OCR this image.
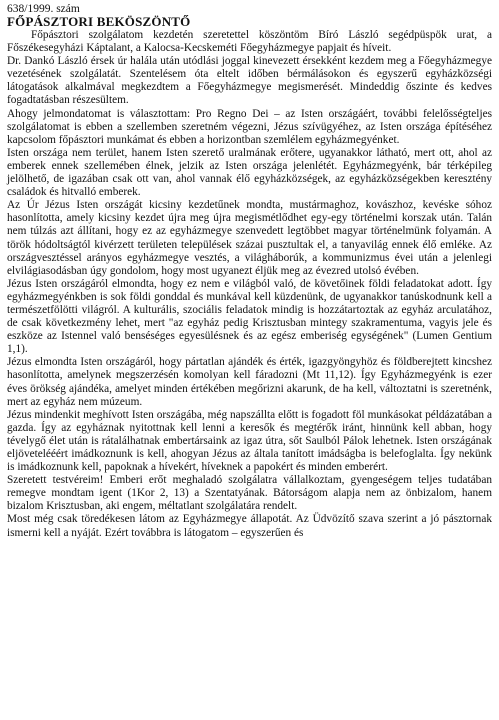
638/1999. szám

FŐPÁSZTORI BEKÖSZÖNTŐ

Főpásztori szolgálatom kezdetén szeretettel köszöntöm Bíró László segédpüspök urat, a Főszékesegyházi Káptalant, a Kalocsa-Kecskeméti Főegyházmegye papjait és híveit.

Dr. Dankó László érsek úr halála után utódlási joggal kinevezett érsekként kezdem meg a Főegyházmegye vezetésének szolgálatát. Szentelésem óta eltelt időben bérmálásokon és egyszerű egyházközségi látogatások alkalmával megkezdtem a Főegyházmegye megismerését. Mindeddig őszinte és kedves fogadtatásban részesültem.

Ahogy jelmondatomat is választottam: Pro Regno Dei – az Isten országáért, további felelősségteljes szolgálatomat is ebben a szellemben szeretném végezni, Jézus szívügyéhez, az Isten országa építéséhez kapcsolom főpásztori munkámat és ebben a horizontban szemlélem egyházmegyénket.

Isten országa nem terület, hanem Isten szerető uralmának erőtere, ugyanakkor látható, mert ott, ahol az emberek ennek szellemében élnek, jelzik az Isten országa jelenlétét. Egyházmegyénk, bár térképileg jelölhető, de igazában csak ott van, ahol vannak élő egyházközségek, az egyházközségekben keresztény családok és hitvalló emberek.

Az Úr Jézus Isten országát kicsiny kezdetűnek mondta, mustármaghoz, kovászhoz, kevéske sóhoz hasonlította, amely kicsiny kezdet újra meg újra megismétlődhet egy-egy történelmi korszak után. Talán nem túlzás azt állítani, hogy ez az egyházmegye szenvedett legtöbbet magyar történelmünk folyamán. A török hódoltságtól kivérzett területen települések százai pusztultak el, a tanyavilág ennek élő emléke. Az országvesztéssel arányos egyházmegye vesztés, a világháborúk, a kommunizmus évei után a jelenlegi elvilágiasodásban úgy gondolom, hogy most ugyanezt éljük meg az évezred utolsó évében.

Jézus Isten országáról elmondta, hogy ez nem e világból való, de követőinek földi feladatokat adott. Így egyházmegyénkben is sok földi gonddal és munkával kell küzdenünk, de ugyanakkor tanúskodnunk kell a természetfölötti világról. A kulturális, szociális feladatok mindig is hozzátartoztak az egyház arculatához, de csak következmény lehet, mert "az egyház pedig Krisztusban mintegy szakramentuma, vagyis jele és eszköze az Istennel való benséséges egyesülésnek és az egész emberiség egységének" (Lumen Gentium 1,1).

Jézus elmondta Isten országáról, hogy pártatlan ajándék és érték, igazgyöngyhöz és földberejtett kincshez hasonlította, amelynek megszerzésén komolyan kell fáradozni (Mt 11,12). Így Egyházmegyénk is ezer éves örökség ajándéka, amelyet minden értékében megőrizni akarunk, de ha kell, változtatni is szeretnénk, mert az egyház nem múzeum.

Jézus mindenkit meghívott Isten országába, még napszállta előtt is fogadott föl munkásokat példázatában a gazda. Így az egyháznak nyitottnak kell lenni a keresők és megtérők iránt, hinnünk kell abban, hogy tévelygő élet után is rátalálhatnak embertársaink az igaz útra, sőt Saulból Pálok lehetnek. Isten országának eljövetelééért imádkoznunk is kell, ahogyan Jézus az általa tanított imádságba is belefoglalta. Így nekünk is imádkoznunk kell, papoknak a hívekért, híveknek a papokért és minden emberért.

Szeretett testvéreim! Emberi erőt meghaladó szolgálatra vállalkoztam, gyengeségem teljes tudatában remegve mondtam igent (1Kor 2, 13) a Szentatyának. Bátorságom alapja nem az önbizalom, hanem bizalom Krisztusban, aki engem, méltatlant szolgálatára rendelt.

Most még csak töredékesen látom az Egyházmegye állapotát. Az Üdvözítő szava szerint a jó pásztornak ismerni kell a nyáját. Ezért továbbra is látogatom – egyszerűen és
